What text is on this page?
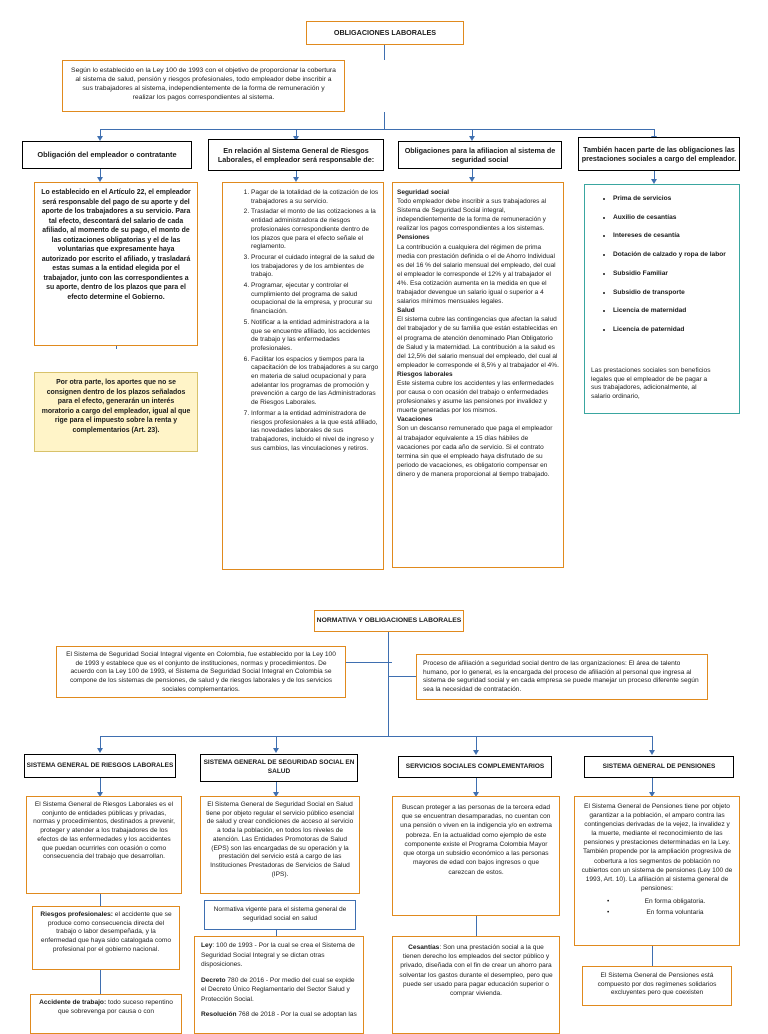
OBLIGACIONES LABORALES

Según lo establecido en la Ley 100 de 1993 con el objetivo de proporcionar la cobertura al sistema de salud, pensión y riesgos profesionales, todo empleador debe inscribir a sus trabajadores al sistema, independientemente de la forma de remuneración y realizar los pagos correspondientes al sistema.

Obligación del empleador o contratante
En relación al Sistema General de Riesgos Laborales, el empleador será responsable de:
Obligaciones para la afiliacion al sistema de seguridad social
También hacen parte de las obligaciones las prestaciones sociales a cargo del empleador.

Lo establecido en el Artículo 22, el empleador será responsable del pago de su aporte y del aporte de los trabajadores a su servicio. Para tal efecto, descontará del salario de cada afiliado, al momento de su pago, el monto de las cotizaciones obligatorias y el de las voluntarias que expresamente haya autorizado por escrito el afiliado, y trasladará estas sumas a la entidad elegida por el trabajador, junto con las correspondientes a su aporte, dentro de los plazos que para el efecto determine el Gobierno.

Por otra parte, los aportes que no se consignen dentro de los plazos señalados para el efecto, generarán un interés moratorio a cargo del empleador, igual al que rige para el impuesto sobre la renta y complementarios (Art. 23).

1. Pagar de la totalidad de la cotización de los trabajadores a su servicio.
2. Trasladar el monto de las cotizaciones a la entidad administradora de riesgos profesionales correspondiente dentro de los plazos que para el efecto señale el reglamento.
3. Procurar el cuidado integral de la salud de los trabajadores y de los ambientes de trabajo.
4. Programar, ejecutar y controlar el cumplimiento del programa de salud ocupacional de la empresa, y procurar su financiación.
5. Notificar a la entidad administradora a la que se encuentre afiliado, los accidentes de trabajo y las enfermedades profesionales.
6. Facilitar los espacios y tiempos para la capacitación de los trabajadores a su cargo en materia de salud ocupacional y para adelantar los programas de promoción y prevención a cargo de las Administradoras de Riesgos Laborales.
7. Informar a la entidad administradora de riesgos profesionales a la que está afiliado, las novedades laborales de sus trabajadores, incluido el nivel de ingreso y sus cambios, las vinculaciones y retiros.

Seguridad social

Todo empleador debe inscribir a sus trabajadores al Sistema de Seguridad Social integral, independientemente de la forma de remuneración y realizar los pagos correspondientes a los sistemas.

Pensiones

La contribución a cualquiera del régimen de prima media con prestación definida o el de Ahorro Individual es del 16 % del salario mensual del empleado, del cual el empleador le corresponde el 12% y al trabajador el 4%. Esa cotización aumenta en la medida en que el trabajador devengue un salario igual o superior a 4 salarios mínimos mensuales legales.

Salud

El sistema cubre las contingencias que afectan la salud del trabajador y de su familia que están establecidas en el programa de atención denominado Plan Obligatorio de Salud y la maternidad. La contribución a la salud es del 12,5% del salario mensual del empleado, del cual al empleador le corresponde el 8,5% y al trabajador el 4%.

Riesgos laborales

Este sistema cubre los accidentes y las enfermedades por causa o con ocasión del trabajo o enfermedades profesionales y asume las pensiones por invalidez y muerte generadas por los mismos.

Vacaciones

Son un descanso remunerado que paga el empleador al trabajador equivalente a 15 días hábiles de vacaciones por cada año de servicio. Si el contrato termina sin que el empleado haya disfrutado de su periodo de vacaciones, es obligatorio compensar en dinero y de manera proporcional al tiempo trabajado.

• Prima de servicios
• Auxilio de cesantías
• Intereses de cesantía
• Dotación de calzado y ropa de labor
• Subsidio Familiar
• Subsidio de transporte
• Licencia de maternidad
• Licencia de paternidad

Las prestaciones sociales son beneficios legales que el empleador de be pagar a sus trabajadores, adicionalmente, al salario ordinario,

NORMATIVA Y OBLIGACIONES LABORALES

El Sistema de Seguridad Social Integral vigente en Colombia, fue establecido por la Ley 100 de 1993 y establece que es el conjunto de instituciones, normas y procedimientos. De acuerdo con la Ley 100 de 1993, el Sistema de Seguridad Social Integral en Colombia se compone de los sistemas de pensiones, de salud y de riesgos laborales y de los servicios sociales complementarios.

Proceso de afiliación a seguridad social dentro de las organizaciones: El área de talento humano, por lo general, es la encargada del proceso de afiliación al personal que ingresa al sistema de seguridad social y en cada empresa se puede manejar un proceso diferente según sea la necesidad de contratación.

SISTEMA GENERAL DE RIESGOS LABORALES	SISTEMA GENERAL DE SEGURIDAD SOCIAL EN SALUD
SERVICIOS SOCIALES COMPLEMENTARIOS	SISTEMA GENERAL DE PENSIONES

El Sistema General de Riesgos Laborales es el conjunto de entidades públicas y privadas, normas y procedimientos, destinados a prevenir, proteger y atender a los trabajadores de los efectos de las enfermedades y los accidentes que puedan ocurrirles con ocasión o como consecuencia del trabajo que desarrollan.

Riesgos profesionales: el accidente que se produce como consecuencia directa del trabajo o labor desempeñada, y la enfermedad que haya sido catalogada como profesional por el gobierno nacional.

Accidente de trabajo: todo suceso repentino que sobrevenga por causa o con

El Sistema General de Seguridad Social en Salud tiene por objeto regular el servicio público esencial de salud y crear condiciones de acceso al servicio a toda la población, en todos los niveles de atención. Las Entidades Promotoras de Salud (EPS) son las encargadas de su operación y la prestación del servicio está a cargo de las Instituciones Prestadoras de Servicios de Salud (IPS).

Normativa vigente para el sistema general de seguridad social en salud

Ley: 100 de 1993 - Por la cual se crea el Sistema de Seguridad Social Integral y se dictan otras disposiciones.

Decreto 780 de 2016 - Por medio del cual se expide el Decreto Único Reglamentario del Sector Salud y Protección Social.

Resolución 768 de 2018 - Por la cual se adoptan las

Buscan proteger a las personas de la tercera edad que se encuentran desamparadas, no cuentan con una pensión o viven en la indigencia y/o en extrema pobreza. En la actualidad como ejemplo de este componente existe el Programa Colombia Mayor que otorga un subsidio económico a las personas mayores de edad con bajos ingresos o que carezcan de estos.

Cesantías: Son una prestación social a la que tienen derecho los empleados del sector público y privado, diseñada con el fin de crear un ahorro para solventar los gastos durante el desempleo, pero que puede ser usado para pagar educación superior o comprar vivienda.

El Sistema General de Pensiones tiene por objeto garantizar a la población, el amparo contra las contingencias derivadas de la vejez, la invalidez y la muerte, mediante el reconocimiento de las pensiones y prestaciones determinadas en la Ley. También propende por la ampliación progresiva de cobertura a los segmentos de población no cubiertos con un sistema de pensiones (Ley 100 de 1993, Art. 10). La afiliación al sistema general de pensiones:

• En forma obligatoria.
• En forma voluntaria

El Sistema General de Pensiones está compuesto por dos regímenes solidarios excluyentes pero que coexisten
